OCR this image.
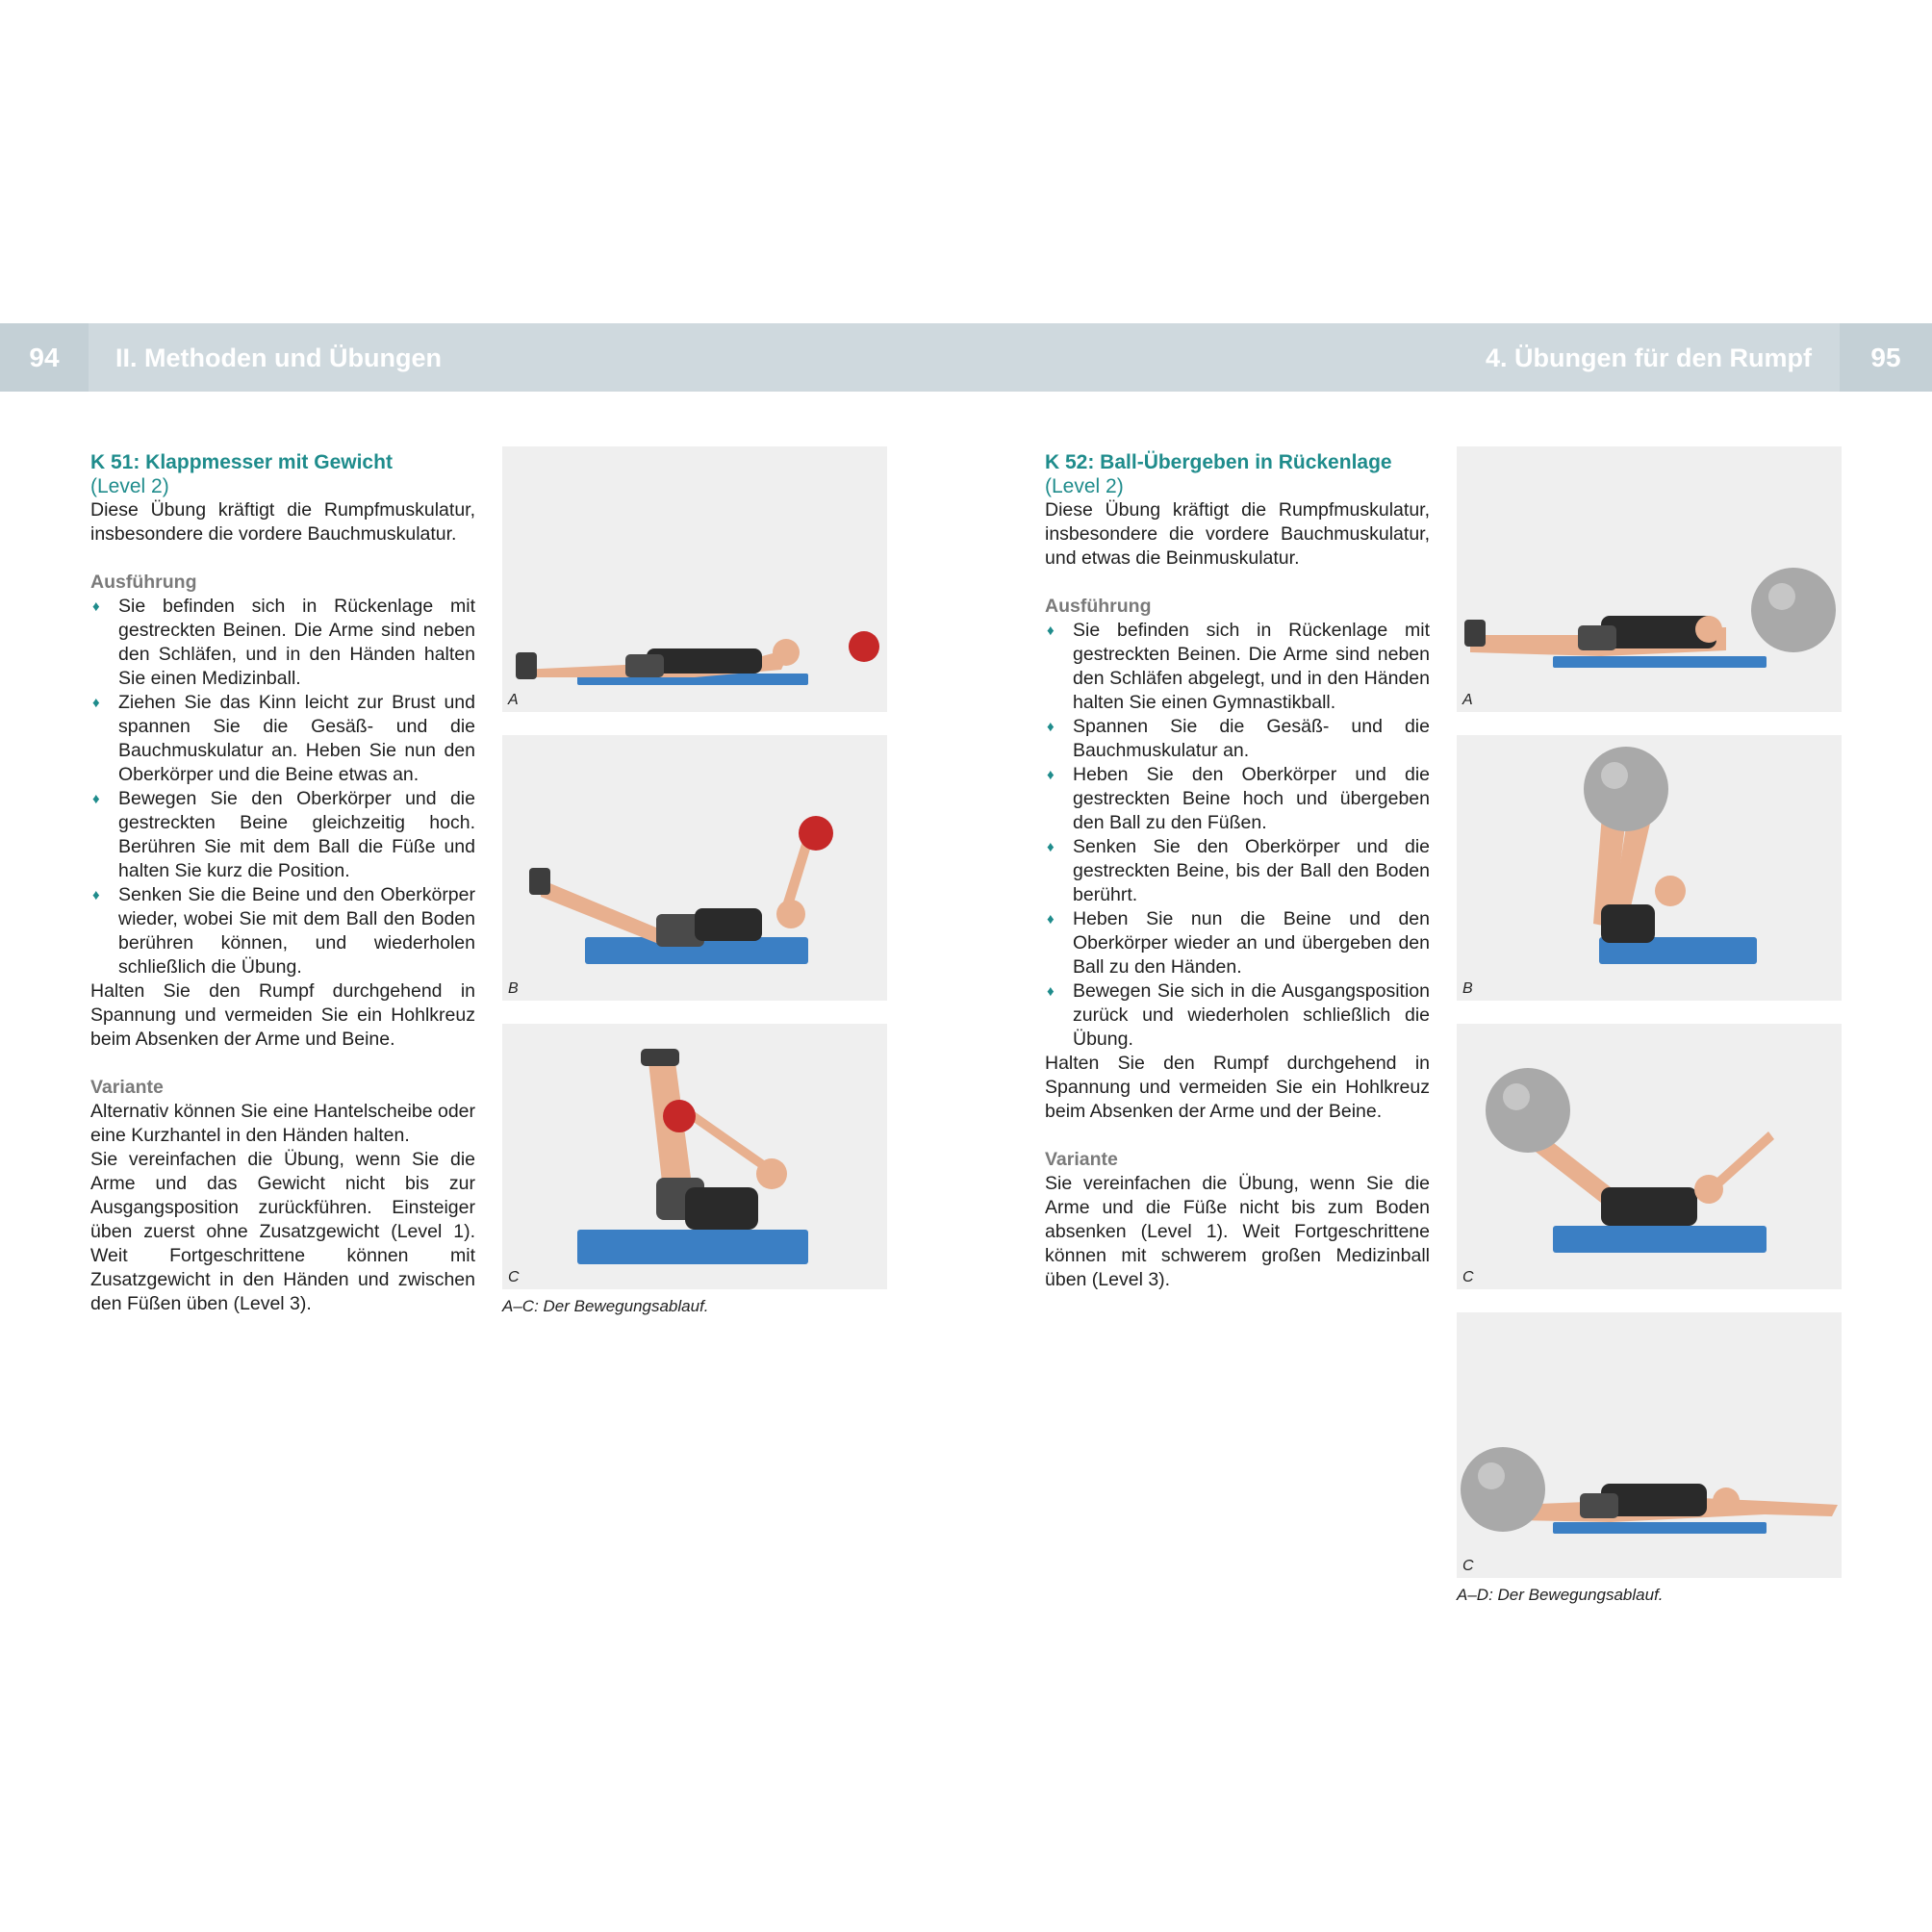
94	II. Methoden und Übungen	4. Übungen für den Rumpf	95
K 51: Klappmesser mit Gewicht
(Level 2)

Diese Übung kräftigt die Rumpfmuskulatur, insbesondere die vordere Bauchmuskulatur.

Ausführung
♦ Sie befinden sich in Rückenlage mit gestreckten Beinen. Die Arme sind neben den Schläfen, und in den Händen halten Sie einen Medizinball.
♦ Ziehen Sie das Kinn leicht zur Brust und spannen Sie die Gesäß- und die Bauchmuskulatur an. Heben Sie nun den Oberkörper und die Beine etwas an.
♦ Bewegen Sie den Oberkörper und die gestreckten Beine gleichzeitig hoch. Berühren Sie mit dem Ball die Füße und halten Sie kurz die Position.
♦ Senken Sie die Beine und den Oberkörper wieder, wobei Sie mit dem Ball den Boden berühren können, und wiederholen schließlich die Übung.

Halten Sie den Rumpf durchgehend in Spannung und vermeiden Sie ein Hohlkreuz beim Absenken der Arme und Beine.

Variante

Alternativ können Sie eine Hantelscheibe oder eine Kurzhantel in den Händen halten.

Sie vereinfachen die Übung, wenn Sie die Arme und das Gewicht nicht bis zur Ausgangsposition zurückführen. Einsteiger üben zuerst ohne Zusatzgewicht (Level 1). Weit Fortgeschrittene können mit Zusatzgewicht in den Händen und zwischen den Füßen üben (Level 3).

A
B
C
A–C: Der Bewegungsablauf.
K 52: Ball-Übergeben in Rückenlage
(Level 2)

Diese Übung kräftigt die Rumpfmuskulatur, insbesondere die vordere Bauchmuskulatur, und etwas die Beinmuskulatur.

Ausführung
♦ Sie befinden sich in Rückenlage mit gestreckten Beinen. Die Arme sind neben den Schläfen abgelegt, und in den Händen halten Sie einen Gymnastikball.
♦ Spannen Sie die Gesäß- und die Bauchmuskulatur an.
♦ Heben Sie den Oberkörper und die gestreckten Beine hoch und übergeben den Ball zu den Füßen.
♦ Senken Sie den Oberkörper und die gestreckten Beine, bis der Ball den Boden berührt.
♦ Heben Sie nun die Beine und den Oberkörper wieder an und übergeben den Ball zu den Händen.
♦ Bewegen Sie sich in die Ausgangsposition zurück und wiederholen schließlich die Übung.

Halten Sie den Rumpf durchgehend in Spannung und vermeiden Sie ein Hohlkreuz beim Absenken der Arme und der Beine.

Variante

Sie vereinfachen die Übung, wenn Sie die Arme und die Füße nicht bis zum Boden absenken (Level 1). Weit Fortgeschrittene können mit schwerem großen Medizinball üben (Level 3).

A
B
C
C
A–D: Der Bewegungsablauf.
